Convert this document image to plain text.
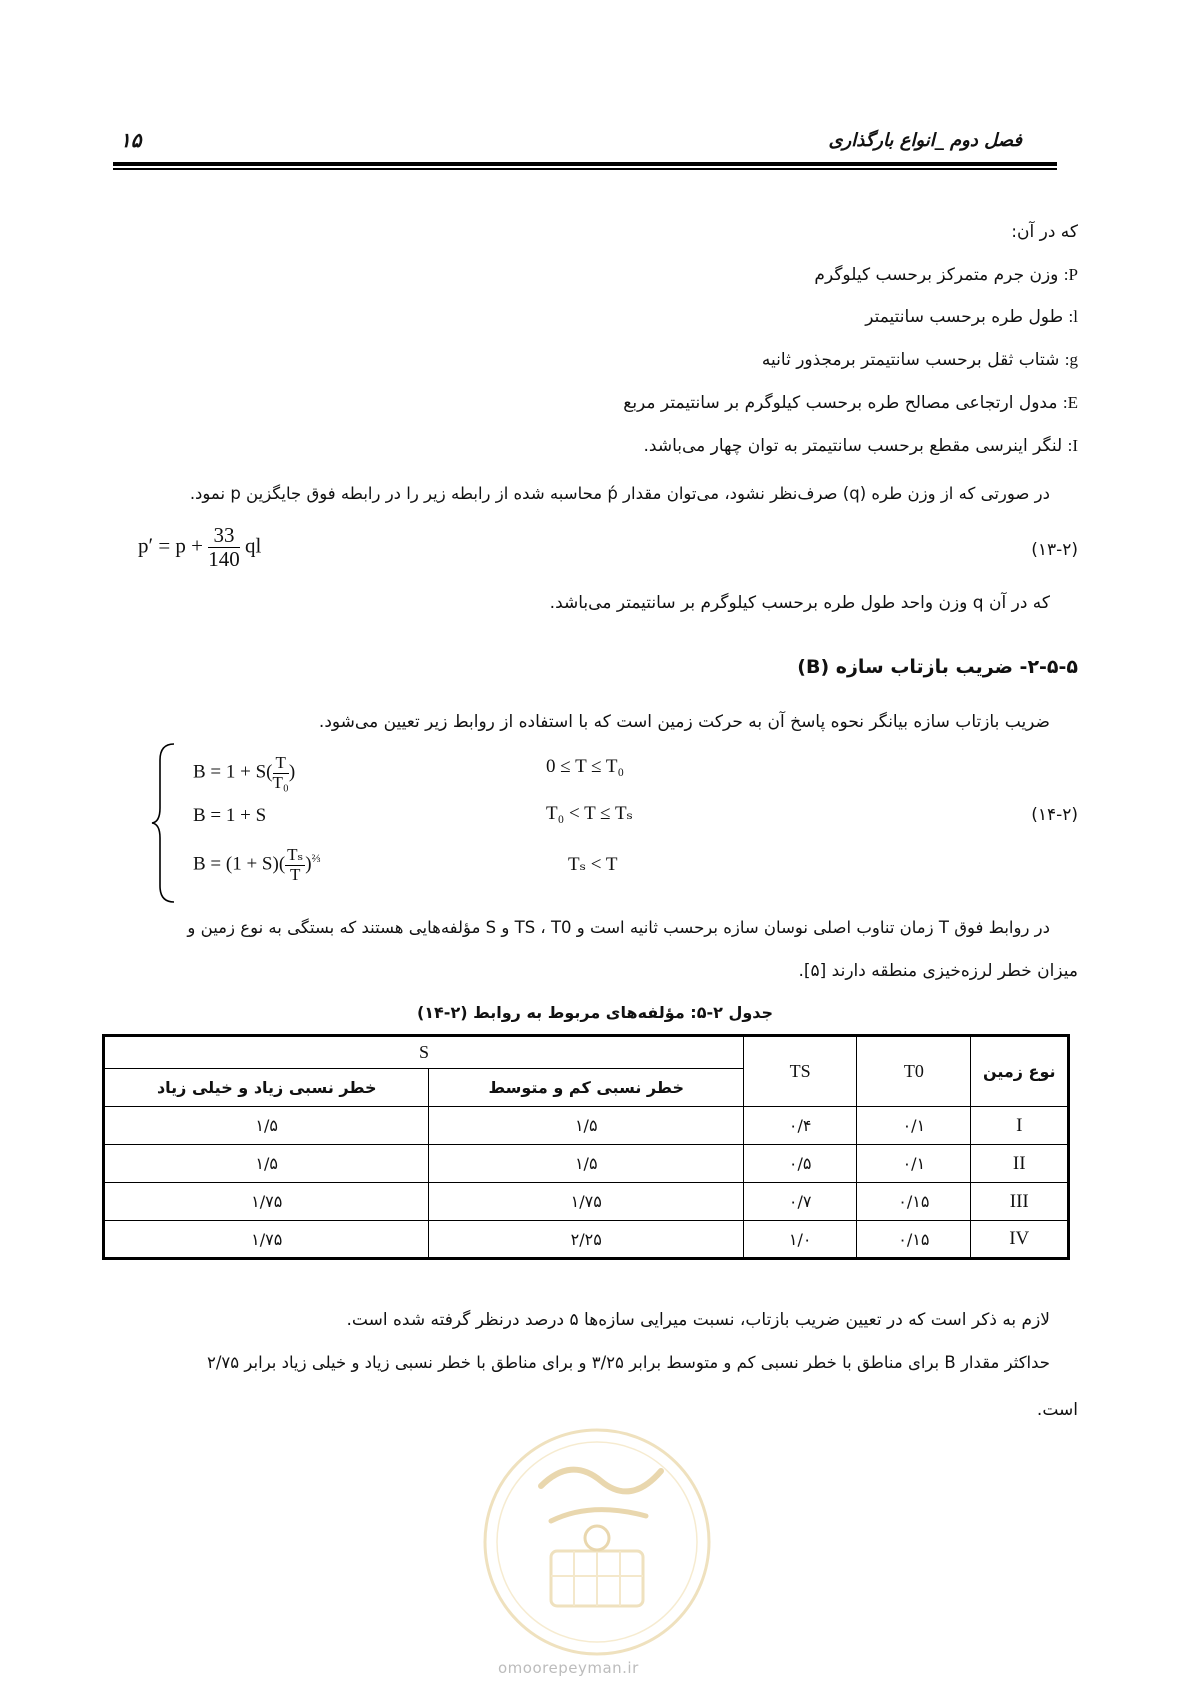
۱۵	فصل دوم _انواع بارگذاری
که در آن:
P: وزن جرم متمرکز برحسب کیلوگرم
l: طول طره برحسب سانتیمتر
g: شتاب ثقل برحسب سانتیمتر برمجذور ثانیه
E: مدول ارتجاعی مصالح طره برحسب کیلوگرم بر سانتیمتر مربع
I: لنگر اینرسی مقطع برحسب سانتیمتر به توان چهار می‌باشد.
در صورتی که از وزن طره (q) صرف‌نظر نشود، می‌توان مقدار ṕ محاسبه شده از رابطه زیر را در رابطه فوق جایگزین p نمود.
$p' = p + \frac{33}{140}$ ql	(۱۳-۲)
که در آن q وزن واحد طول طره برحسب کیلوگرم بر سانتیمتر می‌باشد.
۲-۵-۵- ضریب بازتاب سازه (B)
ضریب بازتاب سازه بیانگر نحوه پاسخ آن به حرکت زمین است که با استفاده از روابط زیر تعیین می‌شود.
$B = 1 + S( \frac{T}{\text{T₀}}$ )	0 ≤ T ≤ T₀
B = 1 + S	T₀ < T ≤ Tₛ
$B = (1 + S)( \frac{\text{Tₛ}}{T} )^{\frac{2}{3}}$	Tₛ < T
(۱۴-۲)
در روابط فوق T زمان تناوب اصلی نوسان سازه برحسب ثانیه است و TS ، T0 و S مؤلفه‌هایی هستند که بستگی به نوع زمین و
میزان خطر لرزه‌خیزی منطقه دارند [۵].
جدول ۲-۵: مؤلفه‌های مربوط به روابط (۲-۱۴)
S		TS	T0	نوع زمین
خطر نسبی زیاد و خیلی زیاد	خطر نسبی کم و متوسط			
۱/۵	۱/۵	۰/۴	۰/۱	I
۱/۵	۱/۵	۰/۵	۰/۱	II
۱/۷۵	۱/۷۵	۰/۷	۰/۱۵	III
۱/۷۵	۲/۲۵	۱/۰	۰/۱۵	IV
لازم به ذکر است که در تعیین ضریب بازتاب، نسبت میرایی سازه‌ها ۵ درصد درنظر گرفته شده است.
حداکثر مقدار B برای مناطق با خطر نسبی کم و متوسط برابر ۳/۲۵ و برای مناطق با خطر نسبی زیاد و خیلی زیاد برابر ۲/۷۵
است.
omoorepeyman.ir
